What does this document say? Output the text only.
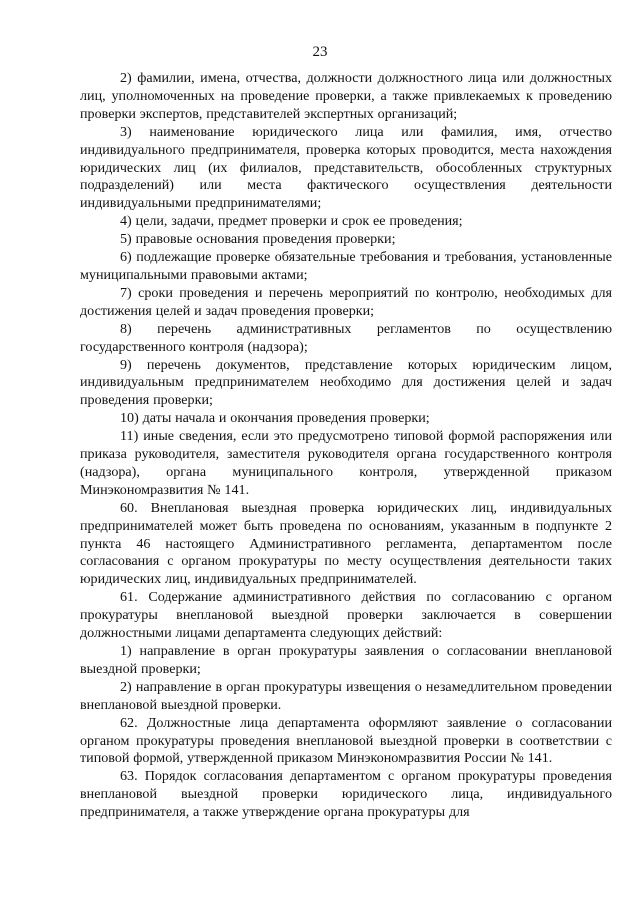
23

2) фамилии, имена, отчества, должности должностного лица или должностных лиц, уполномоченных на проведение проверки, а также привлекаемых к проведению проверки экспертов, представителей экспертных организаций;

3) наименование юридического лица или фамилия, имя, отчество индивидуального предпринимателя, проверка которых проводится, места нахождения юридических лиц (их филиалов, представительств, обособленных структурных подразделений) или места фактического осуществления деятельности индивидуальными предпринимателями;

4) цели, задачи, предмет проверки и срок ее проведения;

5) правовые основания проведения проверки;

6) подлежащие проверке обязательные требования и требования, установленные муниципальными правовыми актами;

7) сроки проведения и перечень мероприятий по контролю, необходимых для достижения целей и задач проведения проверки;

8) перечень административных регламентов по осуществлению государственного контроля (надзора);

9) перечень документов, представление которых юридическим лицом, индивидуальным предпринимателем необходимо для достижения целей и задач проведения проверки;

10) даты начала и окончания проведения проверки;

11) иные сведения, если это предусмотрено типовой формой распоряжения или приказа руководителя, заместителя руководителя органа государственного контроля (надзора), органа муниципального контроля, утвержденной приказом Минэкономразвития № 141.

60. Внеплановая выездная проверка юридических лиц, индивидуальных предпринимателей может быть проведена по основаниям, указанным в подпункте 2 пункта 46 настоящего Административного регламента, департаментом после согласования с органом прокуратуры по месту осуществления деятельности таких юридических лиц, индивидуальных предпринимателей.

61. Содержание административного действия по согласованию с органом прокуратуры внеплановой выездной проверки заключается в совершении должностными лицами департамента следующих действий:

1) направление в орган прокуратуры заявления о согласовании внеплановой выездной проверки;

2) направление в орган прокуратуры извещения о незамедлительном проведении внеплановой выездной проверки.

62. Должностные лица департамента оформляют заявление о согласовании органом прокуратуры проведения внеплановой выездной проверки в соответствии с типовой формой, утвержденной приказом Минэкономразвития России № 141.

63. Порядок согласования департаментом с органом прокуратуры проведения внеплановой выездной проверки юридического лица, индивидуального предпринимателя, а также утверждение органа прокуратуры для
